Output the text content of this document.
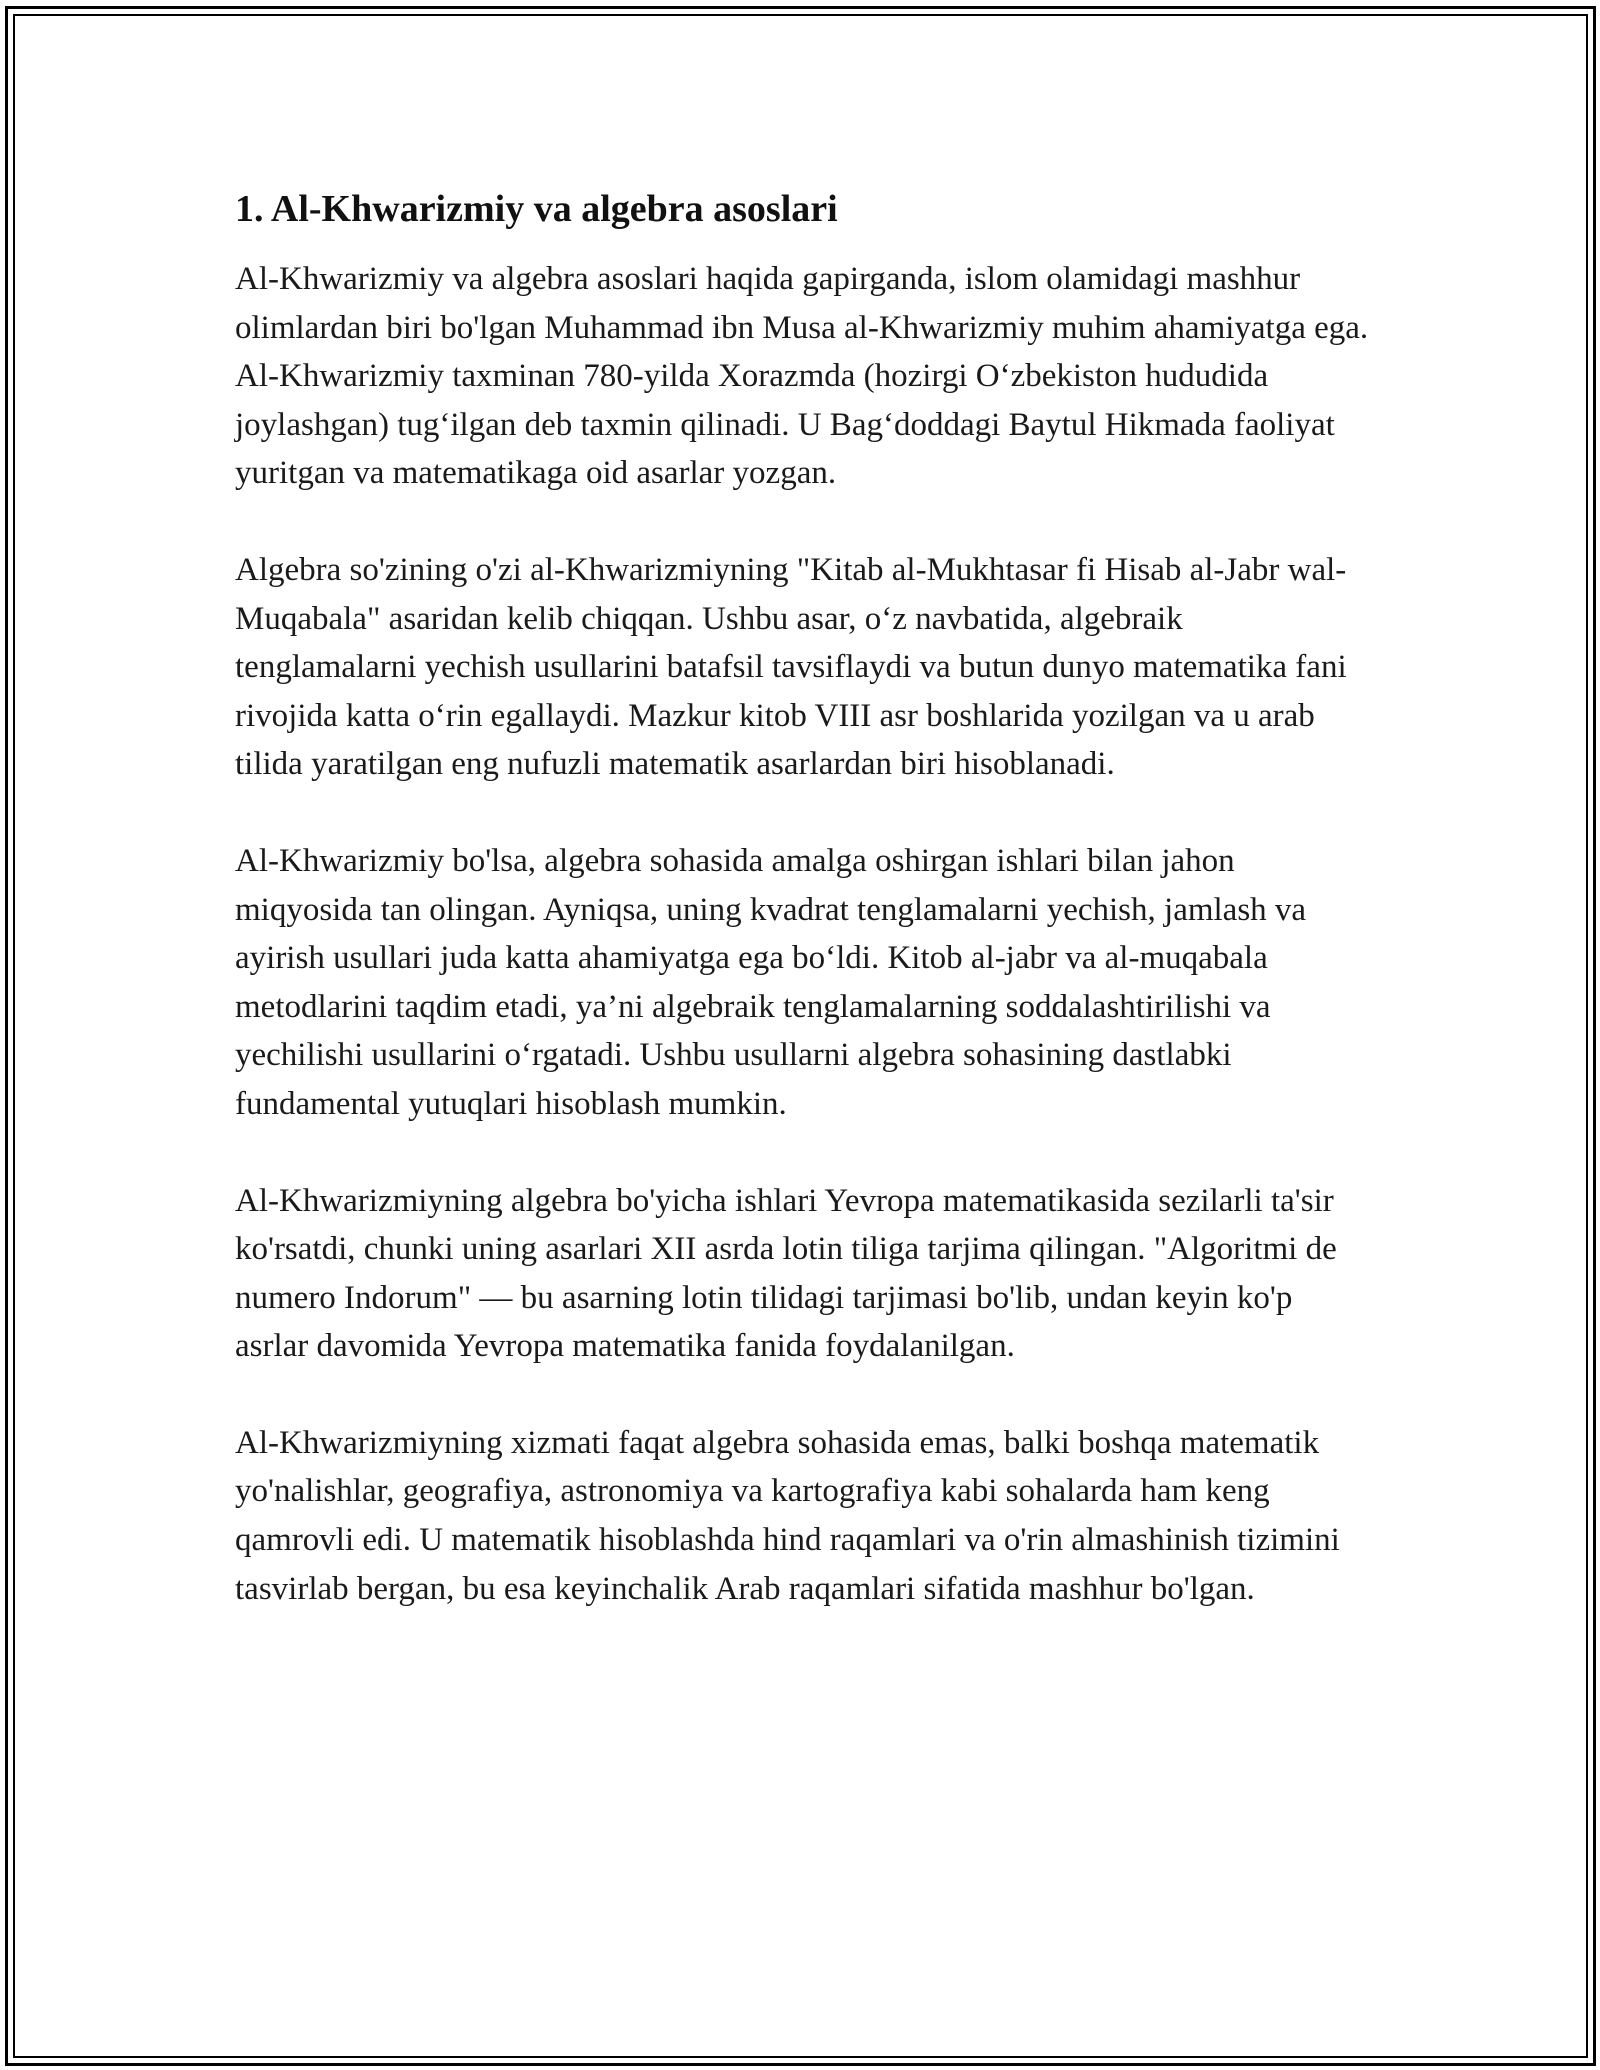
1. Al-Khwarizmiy va algebra asoslari

Al-Khwarizmiy va algebra asoslari haqida gapirganda, islom olamidagi mashhur olimlardan biri bo'lgan Muhammad ibn Musa al-Khwarizmiy muhim ahamiyatga ega. Al-Khwarizmiy taxminan 780-yilda Xorazmda (hozirgi O‘zbekiston hududida joylashgan) tug‘ilgan deb taxmin qilinadi. U Bag‘doddagi Baytul Hikmada faoliyat yuritgan va matematikaga oid asarlar yozgan.

Algebra so'zining o'zi al-Khwarizmiyning "Kitab al-Mukhtasar fi Hisab al-Jabr wal-Muqabala" asaridan kelib chiqqan. Ushbu asar, o‘z navbatida, algebraik tenglamalarni yechish usullarini batafsil tavsiflaydi va butun dunyo matematika fani rivojida katta o‘rin egallaydi. Mazkur kitob VIII asr boshlarida yozilgan va u arab tilida yaratilgan eng nufuzli matematik asarlardan biri hisoblanadi.

Al-Khwarizmiy bo'lsa, algebra sohasida amalga oshirgan ishlari bilan jahon miqyosida tan olingan. Ayniqsa, uning kvadrat tenglamalarni yechish, jamlash va ayirish usullari juda katta ahamiyatga ega bo‘ldi. Kitob al-jabr va al-muqabala metodlarini taqdim etadi, ya’ni algebraik tenglamalarning soddalashtirilishi va yechilishi usullarini o‘rgatadi. Ushbu usullarni algebra sohasining dastlabki fundamental yutuqlari hisoblash mumkin.

Al-Khwarizmiyning algebra bo'yicha ishlari Yevropa matematikasida sezilarli ta'sir ko'rsatdi, chunki uning asarlari XII asrda lotin tiliga tarjima qilingan. "Algoritmi de numero Indorum" — bu asarning lotin tilidagi tarjimasi bo'lib, undan keyin ko'p asrlar davomida Yevropa matematika fanida foydalanilgan.

Al-Khwarizmiyning xizmati faqat algebra sohasida emas, balki boshqa matematik yo'nalishlar, geografiya, astronomiya va kartografiya kabi sohalarda ham keng qamrovli edi. U matematik hisoblashda hind raqamlari va o'rin almashinish tizimini tasvirlab bergan, bu esa keyinchalik Arab raqamlari sifatida mashhur bo'lgan.
